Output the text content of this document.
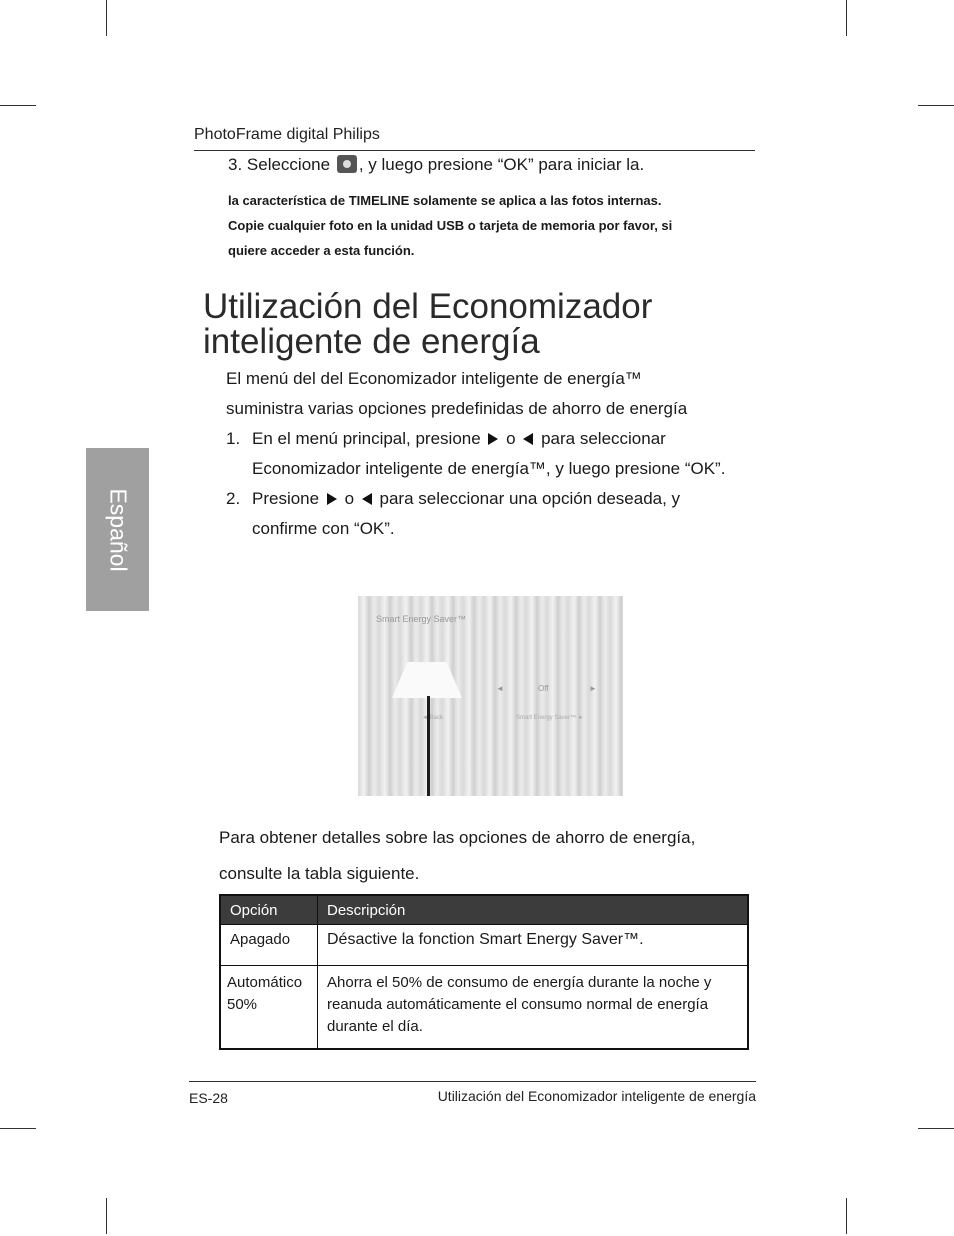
PhotoFrame digital Philips
3. Seleccione , y luego presione “OK” para iniciar la.
la característica de TIMELINE solamente se aplica a las fotos internas.
Copie cualquier foto en la unidad USB o tarjeta de memoria por favor, si
quiere acceder a esta función.
Utilización del Economizador
inteligente de energía

El menú del del Economizador inteligente de energía™
suministra varias opciones predefinidas de ahorro de energía

1. En el menú principal, presione o para seleccionar Economizador inteligente de energía™, y luego presione “OK”.
2. Presione o para seleccionar una opción deseada, y confirme con “OK”.
Smart Energy Saver™
◄	Off	►
◄ Back	Smart Energy Saver™ ►

Para obtener detalles sobre las opciones de ahorro de energía,
consulte la tabla siguiente.

Opción	Descripción
Apagado	Désactive la fonction Smart Energy Saver™.
Automático
50%	Ahorra el 50% de consumo de energía durante la noche y reanuda automáticamente el consumo normal de energía durante el día.
Español
ES-28	Utilización del Economizador inteligente de energía
